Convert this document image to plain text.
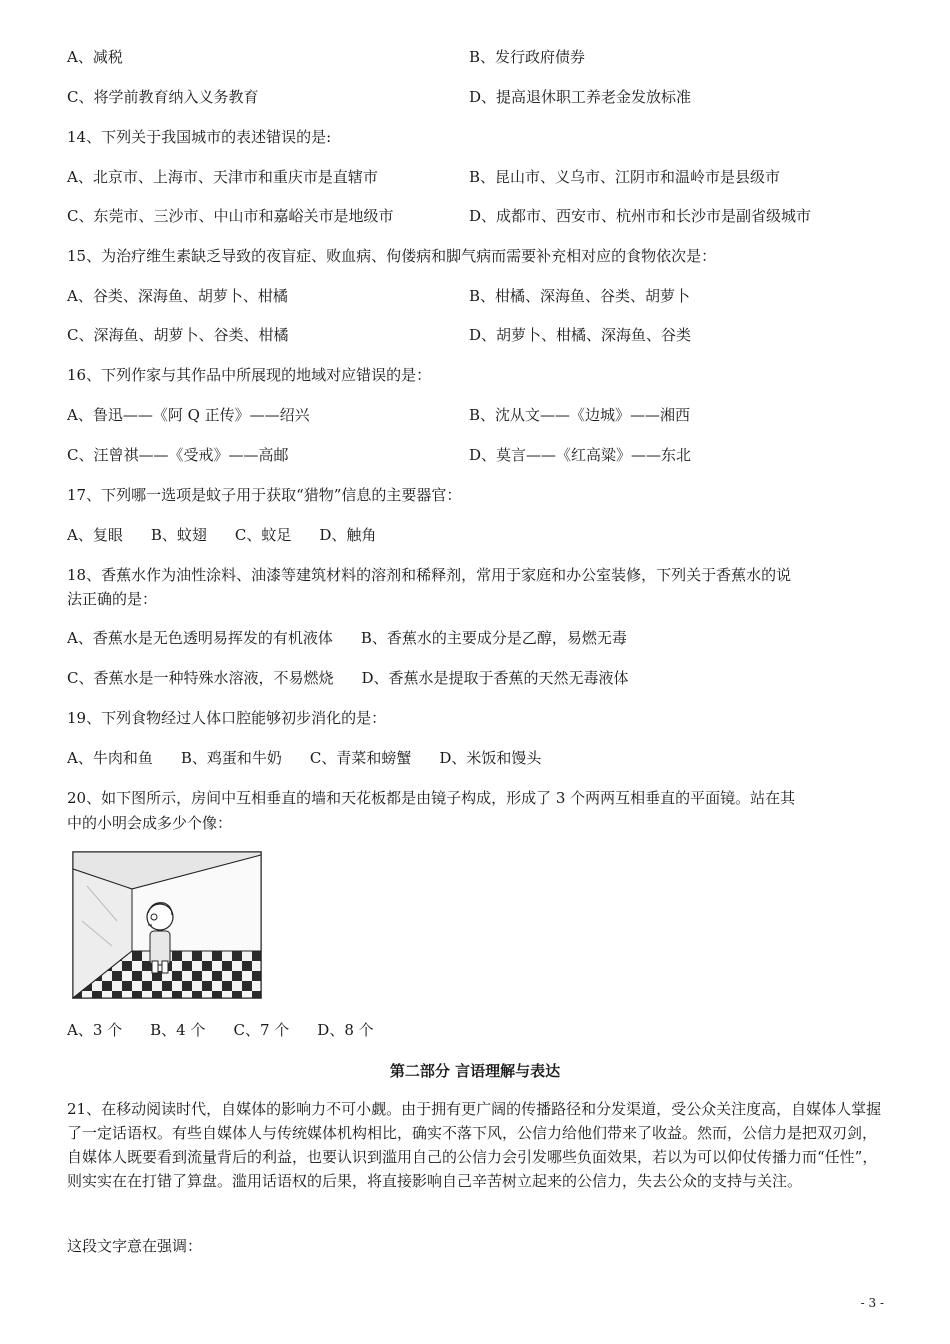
A、减税	B、发行政府债券
C、将学前教育纳入义务教育	D、提高退休职工养老金发放标准
14、下列关于我国城市的表述错误的是:
A、北京市、上海市、天津市和重庆市是直辖市	B、昆山市、义乌市、江阴市和温岭市是县级市
C、东莞市、三沙市、中山市和嘉峪关市是地级市	D、成都市、西安市、杭州市和长沙市是副省级城市
15、为治疗维生素缺乏导致的夜盲症、败血病、佝偻病和脚气病而需要补充相对应的食物依次是：
A、谷类、深海鱼、胡萝卜、柑橘	B、柑橘、深海鱼、谷类、胡萝卜
C、深海鱼、胡萝卜、谷类、柑橘	D、胡萝卜、柑橘、深海鱼、谷类
16、下列作家与其作品中所展现的地域对应错误的是：
A、鲁迅——《阿 Q 正传》——绍兴	B、沈从文——《边城》——湘西
C、汪曾祺——《受戒》——高邮	D、莫言——《红高粱》——东北
17、下列哪一选项是蚊子用于获取“猎物”信息的主要器官：
A、复眼 B、蚊翅 C、蚊足 D、触角
18、香蕉水作为油性涂料、油漆等建筑材料的溶剂和稀释剂，常用于家庭和办公室装修，下列关于香蕉水的说
法正确的是：
A、香蕉水是无色透明易挥发的有机液体 B、香蕉水的主要成分是乙醇，易燃无毒
C、香蕉水是一种特殊水溶液，不易燃烧 D、香蕉水是提取于香蕉的天然无毒液体
19、下列食物经过人体口腔能够初步消化的是：
A、牛肉和鱼 B、鸡蛋和牛奶 C、青菜和螃蟹 D、米饭和馒头
20、如下图所示，房间中互相垂直的墙和天花板都是由镜子构成，形成了 3 个两两互相垂直的平面镜。站在其
中的小明会成多少个像：
A、3 个 B、4 个 C、7 个 D、8 个
第二部分 言语理解与表达
21、在移动阅读时代，自媒体的影响力不可小觑。由于拥有更广阔的传播路径和分发渠道，受公众关注度高，自媒体人掌握了一定话语权。有些自媒体人与传统媒体机构相比，确实不落下风，公信力给他们带来了收益。然而，公信力是把双刃剑，自媒体人既要看到流量背后的利益，也要认识到滥用自己的公信力会引发哪些负面效果，若以为可以仰仗传播力而“任性”，则实实在在打错了算盘。滥用话语权的后果，将直接影响自己辛苦树立起来的公信力，失去公众的支持与关注。
这段文字意在强调：
- 3 -
